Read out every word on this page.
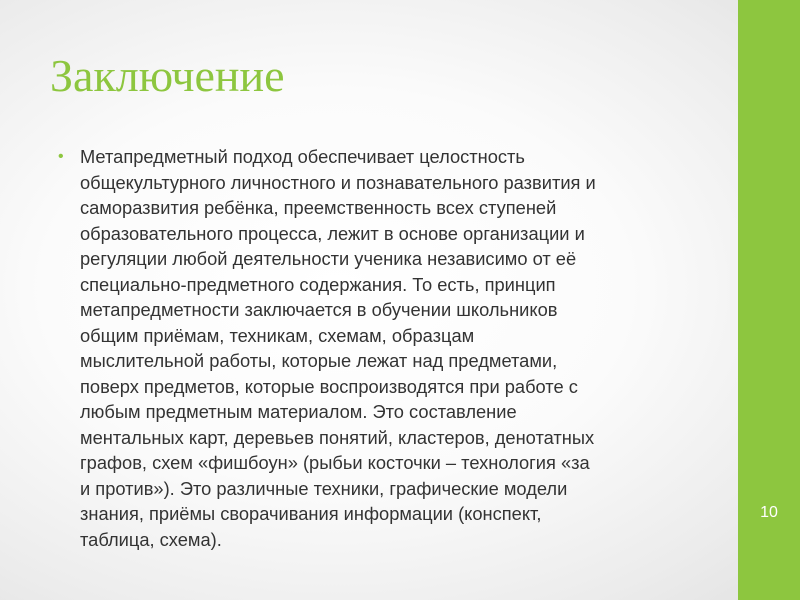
Заключение
• Метапредметный подход обеспечивает целостность
общекультурного личностного и познавательного развития и
саморазвития ребёнка, преемственность всех ступеней
образовательного процесса, лежит в основе организации и
регуляции любой деятельности ученика независимо от её
специально-предметного содержания. То есть, принцип
метапредметности заключается в обучении школьников
общим приёмам, техникам, схемам, образцам
мыслительной работы, которые лежат над предметами,
поверх предметов, которые воспроизводятся при работе с
любым предметным материалом. Это составление
ментальных карт, деревьев понятий, кластеров, денотатных
графов, схем «фишбоун» (рыбьи косточки – технология «за
и против»). Это различные техники, графические модели
знания, приёмы сворачивания информации (конспект,
таблица, схема).
10
